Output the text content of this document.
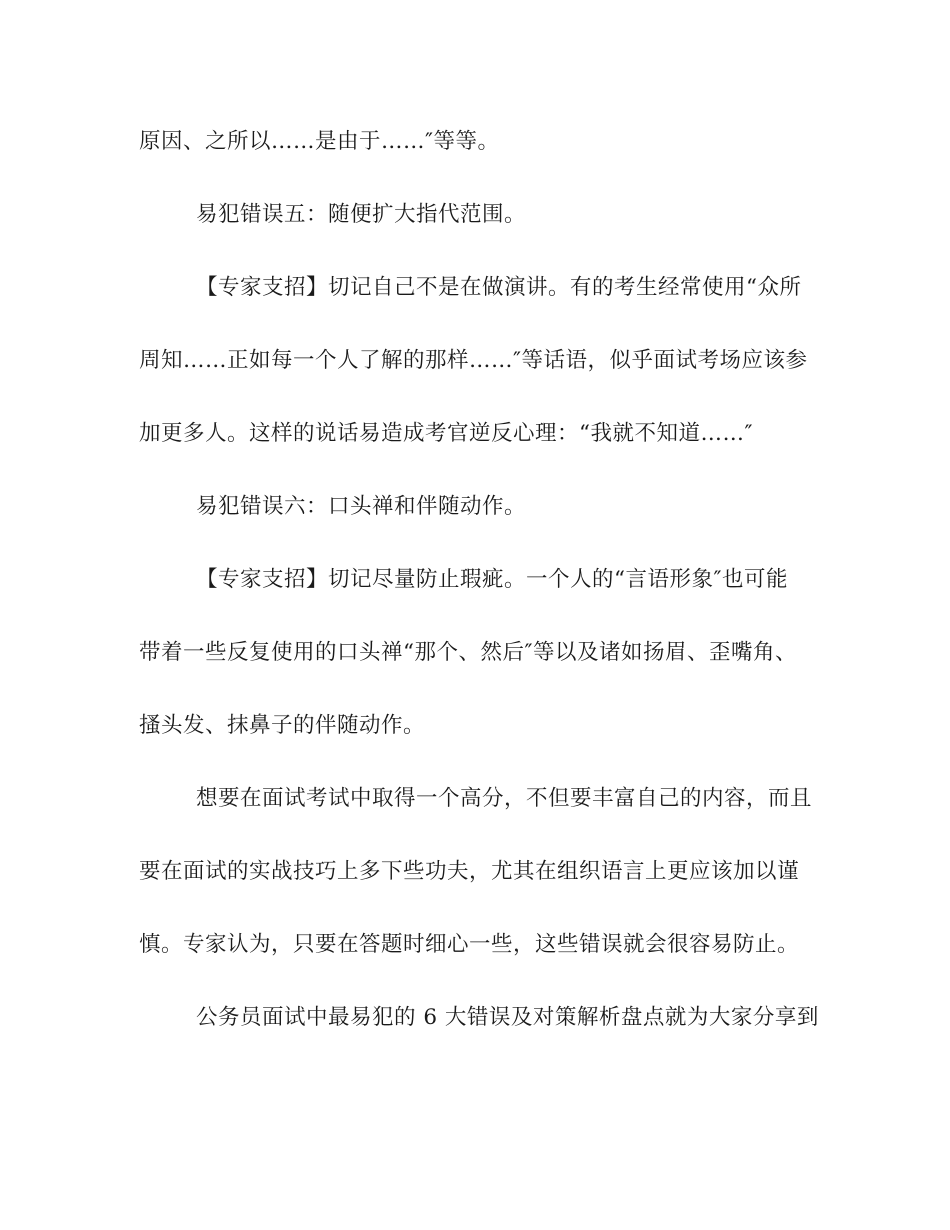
原因、之所以……是由于……″等等。
易犯错误五：随便扩大指代范围。
【专家支招】切记自己不是在做演讲。有的考生经常使用“众所
周知……正如每一个人了解的那样……″等话语，似乎面试考场应该参
加更多人。这样的说话易造成考官逆反心理：“我就不知道……″
易犯错误六：口头禅和伴随动作。
【专家支招】切记尽量防止瑕疵。一个人的“言语形象″也可能
带着一些反复使用的口头禅“那个、然后″等以及诸如扬眉、歪嘴角、
搔头发、抹鼻子的伴随动作。
想要在面试考试中取得一个高分，不但要丰富自己的内容，而且
要在面试的实战技巧上多下些功夫，尤其在组织语言上更应该加以谨
慎。专家认为，只要在答题时细心一些，这些错误就会很容易防止。
公务员面试中最易犯的 6 大错误及对策解析盘点就为大家分享到
